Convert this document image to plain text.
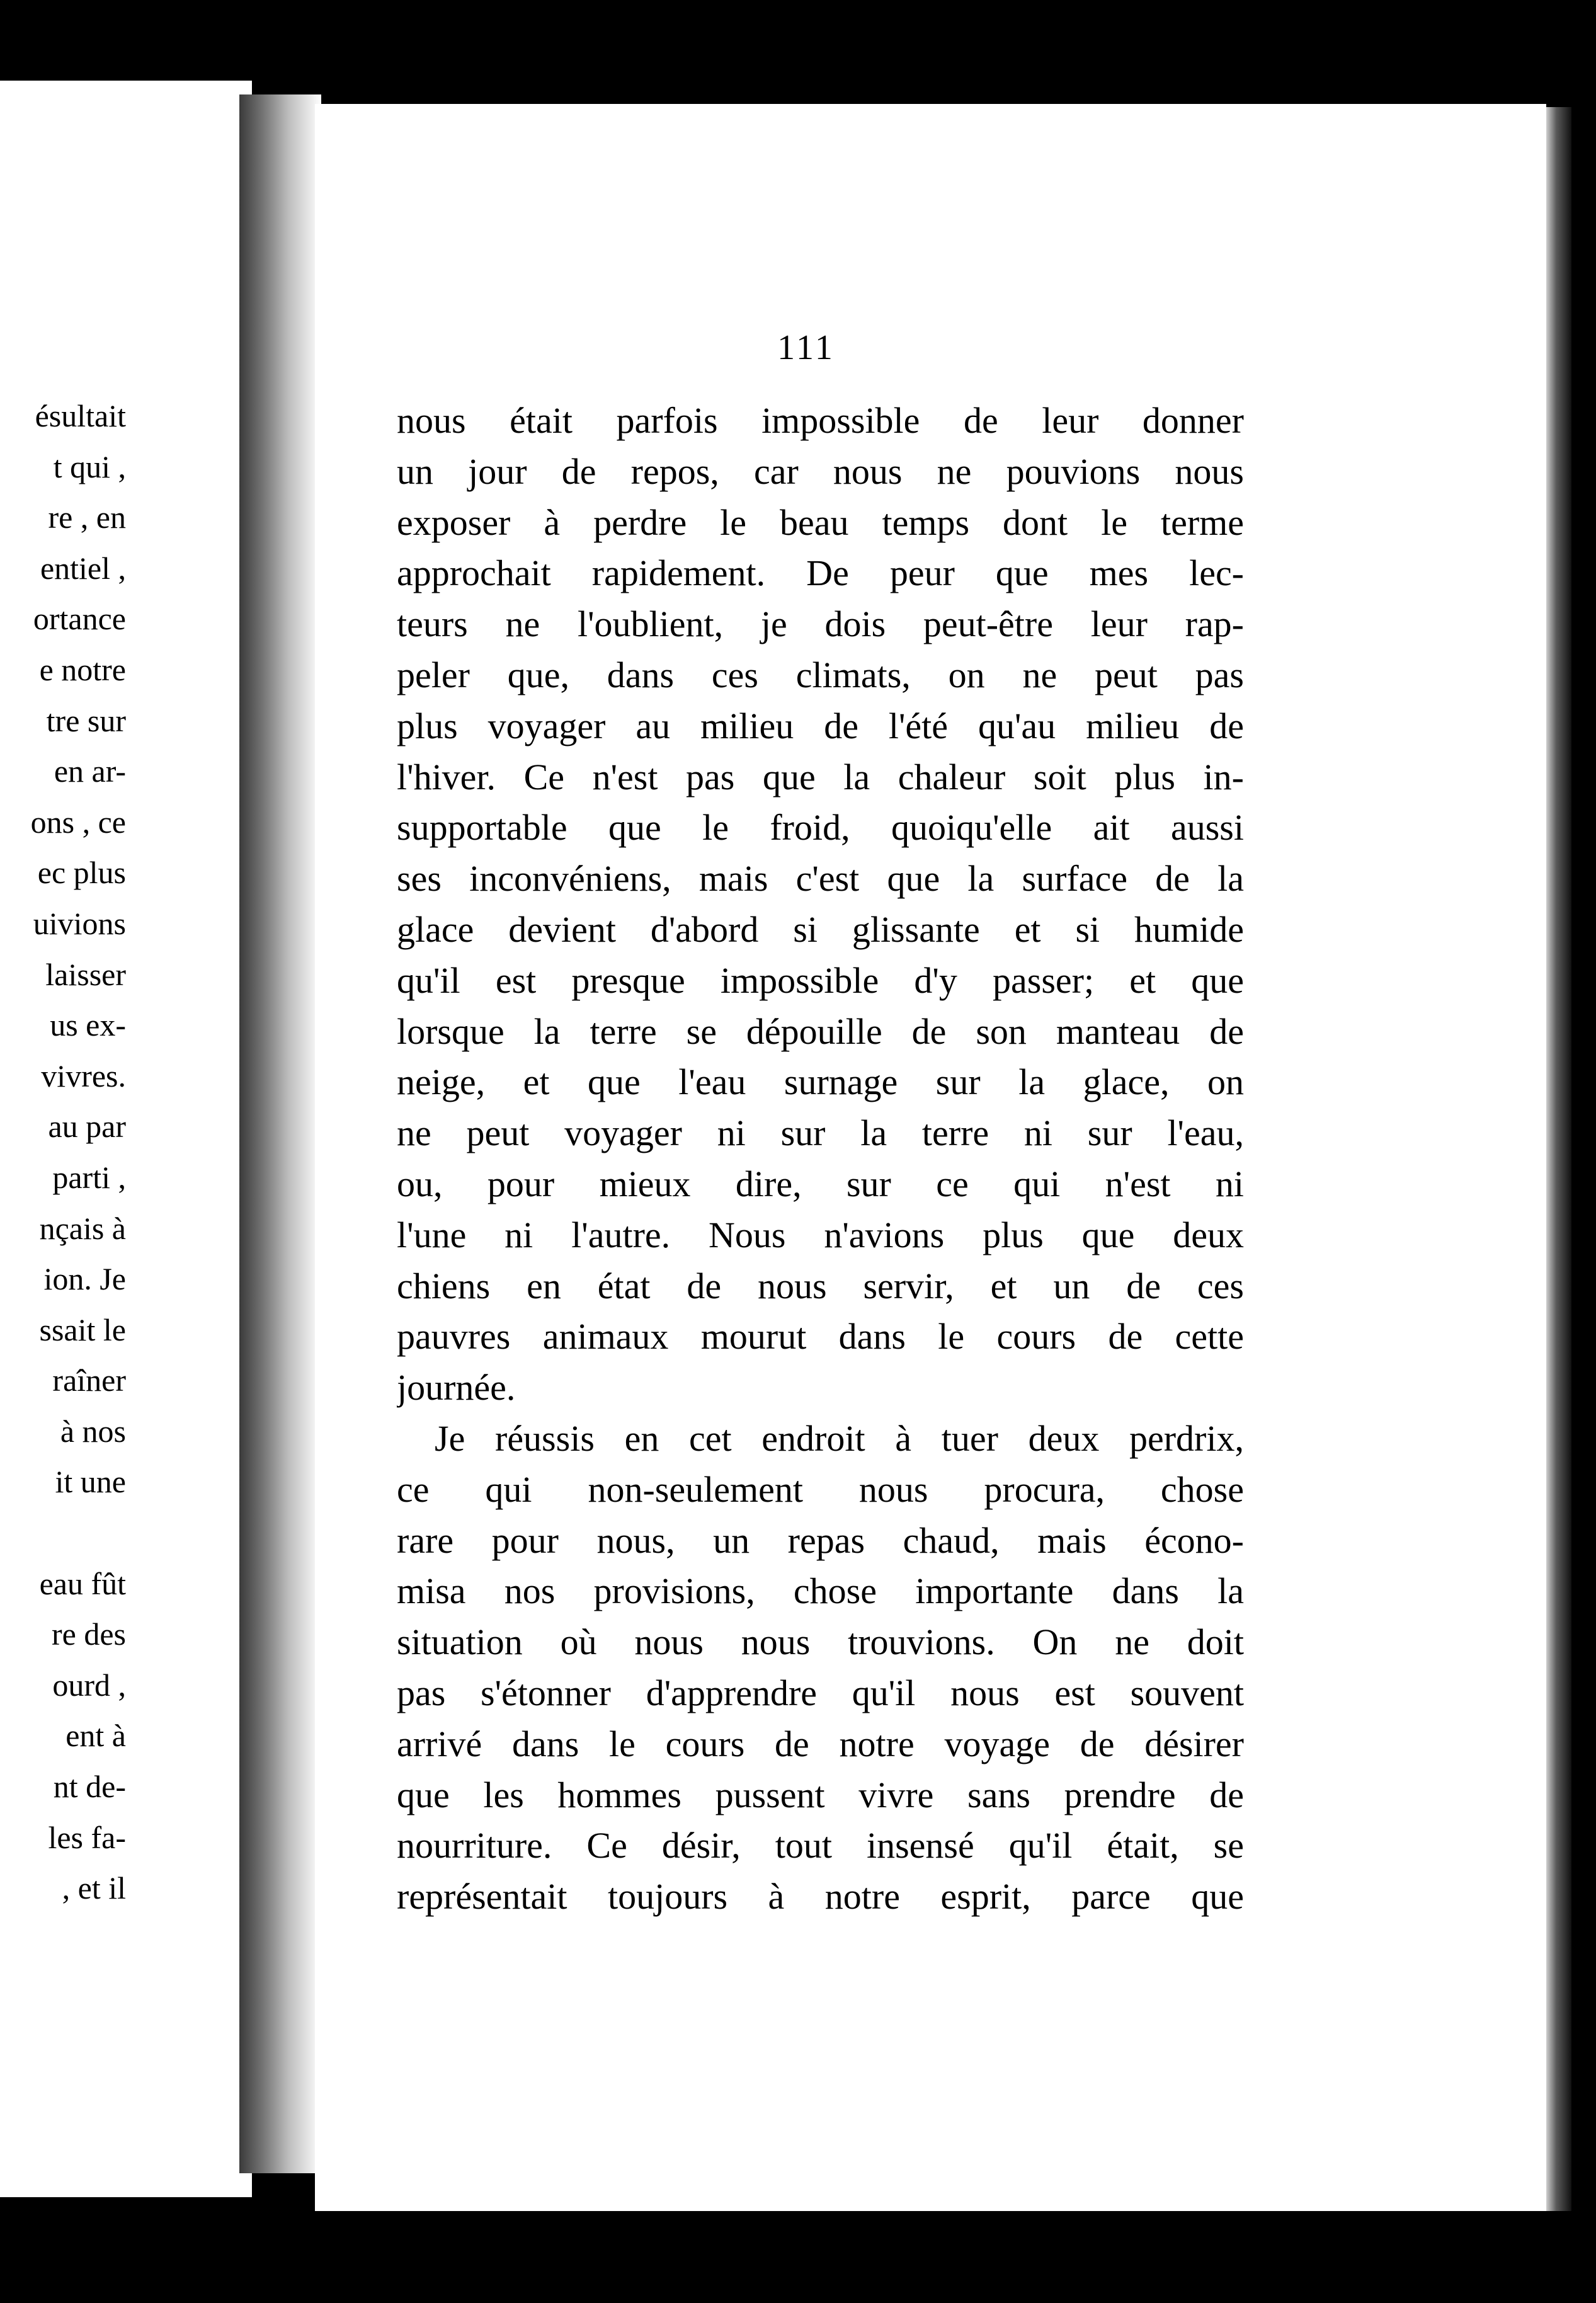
ésultait
t qui ,
re , en
entiel ,
ortance
e notre
tre sur
en ar-
ons , ce
ec plus
uivions
laisser
us ex-
vivres.
au par
parti ,
nçais à
ion. Je
ssait le
raîner
à nos
it une
eau fût
re des
ourd ,
ent à
nt de-
les fa-
, et il
111
nous était parfois impossible de leur donner
un jour de repos, car nous ne pouvions nous
exposer à perdre le beau temps dont le terme
approchait rapidement. De peur que mes lec-
teurs ne l'oublient, je dois peut-être leur rap-
peler que, dans ces climats, on ne peut pas
plus voyager au milieu de l'été qu'au milieu de
l'hiver. Ce n'est pas que la chaleur soit plus in-
supportable que le froid, quoiqu'elle ait aussi
ses inconvéniens, mais c'est que la surface de la
glace devient d'abord si glissante et si humide
qu'il est presque impossible d'y passer; et que
lorsque la terre se dépouille de son manteau de
neige, et que l'eau surnage sur la glace, on
ne peut voyager ni sur la terre ni sur l'eau,
ou, pour mieux dire, sur ce qui n'est ni
l'une ni l'autre. Nous n'avions plus que deux
chiens en état de nous servir, et un de ces
pauvres animaux mourut dans le cours de cette
journée.
Je réussis en cet endroit à tuer deux perdrix,
ce qui non-seulement nous procura, chose
rare pour nous, un repas chaud, mais écono-
misa nos provisions, chose importante dans la
situation où nous nous trouvions. On ne doit
pas s'étonner d'apprendre qu'il nous est souvent
arrivé dans le cours de notre voyage de désirer
que les hommes pussent vivre sans prendre de
nourriture. Ce désir, tout insensé qu'il était, se
représentait toujours à notre esprit, parce que
